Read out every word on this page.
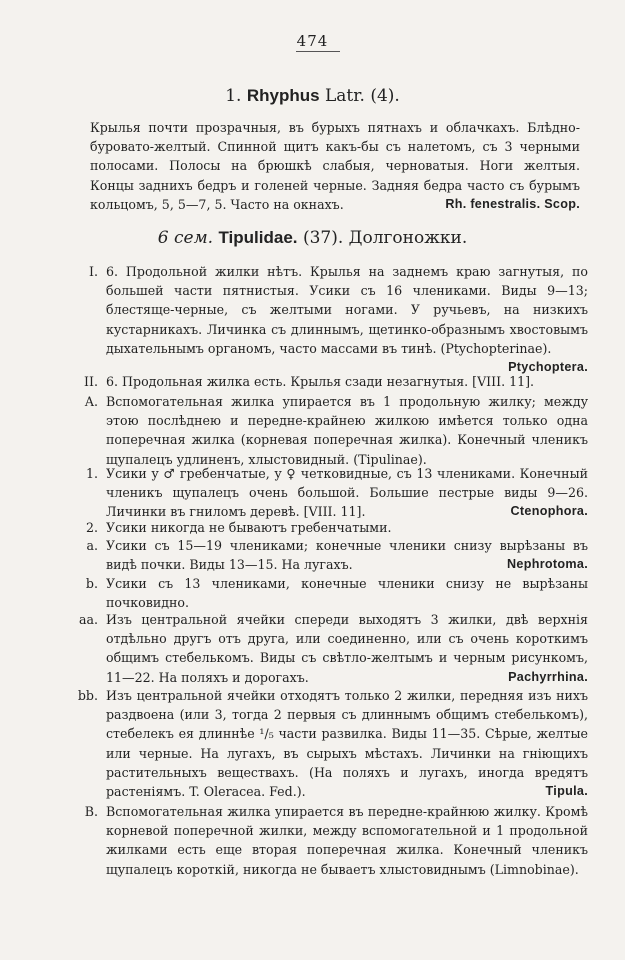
474
1. Rhyphus Latr. (4).
Крылья почти прозрачныя, въ бурыхъ пятнахъ и облачкахъ. Блѣдно-буровато-желтый. Спинной щитъ какъ-бы съ налетомъ, съ 3 черными полосами. Полосы на брюшкѣ слабыя, черноватыя. Ноги желтыя. Концы заднихъ бедръ и голеней черные. Задняя бедра часто съ бурымъ кольцомъ, 5, 5—7, 5. Часто на окнахъ.	Rh. fenestralis. Scop.
6 сем. Tipulidae. (37). Долгоножки.
I. 6. Продольной жилки нѣтъ. Крылья на заднемъ краю загнутыя, по большей части пятнистыя. Усики съ 16 члениками. Виды 9—13; блестяще-черные, съ желтыми ногами. У ручьевъ, на низкихъ кустарникахъ. Личинка съ длиннымъ, щетинко-образнымъ хвостовымъ дыхательнымъ органомъ, часто массами въ тинѣ. (Ptychopterinae).
Ptychoptera.
II. 6. Продольная жилка есть. Крылья сзади незагнутыя. [VIII. 11].
A. Вспомогательная жилка упирается въ 1 продольную жилку; между этою послѣднею и передне-крайнею жилкою имѣется только одна поперечная жилка (корневая поперечная жилка). Конечный членикъ щупалецъ удлиненъ, хлыстовидный. (Tipulinae).
1. Усики у ♂ гребенчатые, у ♀ четковидные, съ 13 члениками. Конечный членикъ щупалецъ очень большой. Большие пестрые виды 9—26. Личинки въ гниломъ деревѣ. [VIII. 11].	Ctenophora.
2. Усики никогда не бываютъ гребенчатыми.
a. Усики съ 15—19 члениками; конечные членики снизу вырѣзаны въ видѣ почки. Виды 13—15. На лугахъ.	Nephrotoma.
b. Усики съ 13 члениками, конечные членики снизу не вырѣзаны почковидно.
aa. Изъ центральной ячейки спереди выходятъ 3 жилки, двѣ верхнія отдѣльно другъ отъ друга, или соединенно, или съ очень короткимъ общимъ стебелькомъ. Виды съ свѣтло-желтымъ и черным рисункомъ, 11—22. На поляхъ и дорогахъ.	Pachyrrhina.
bb. Изъ центральной ячейки отходятъ только 2 жилки, передняя изъ нихъ раздвоена (или 3, тогда 2 первыя съ длиннымъ общимъ стебелькомъ), стебелекъ ея длиннѣе ¹/₅ части развилка. Виды 11—35. Сѣрые, желтые или черные. На лугахъ, въ сырыхъ мѣстахъ. Личинки на гніющихъ растительныхъ веществахъ. (На поляхъ и лугахъ, иногда вредятъ растеніямъ. T. Oleracea. Fed.).	Tipula.
B. Вспомогательная жилка упирается въ передне-крайнюю жилку. Кромѣ корневой поперечной жилки, между вспомогательной и 1 продольной жилками есть еще вторая поперечная жилка. Конечный членикъ щупалецъ короткій, никогда не бываетъ хлыстовиднымъ (Limnobinae).
